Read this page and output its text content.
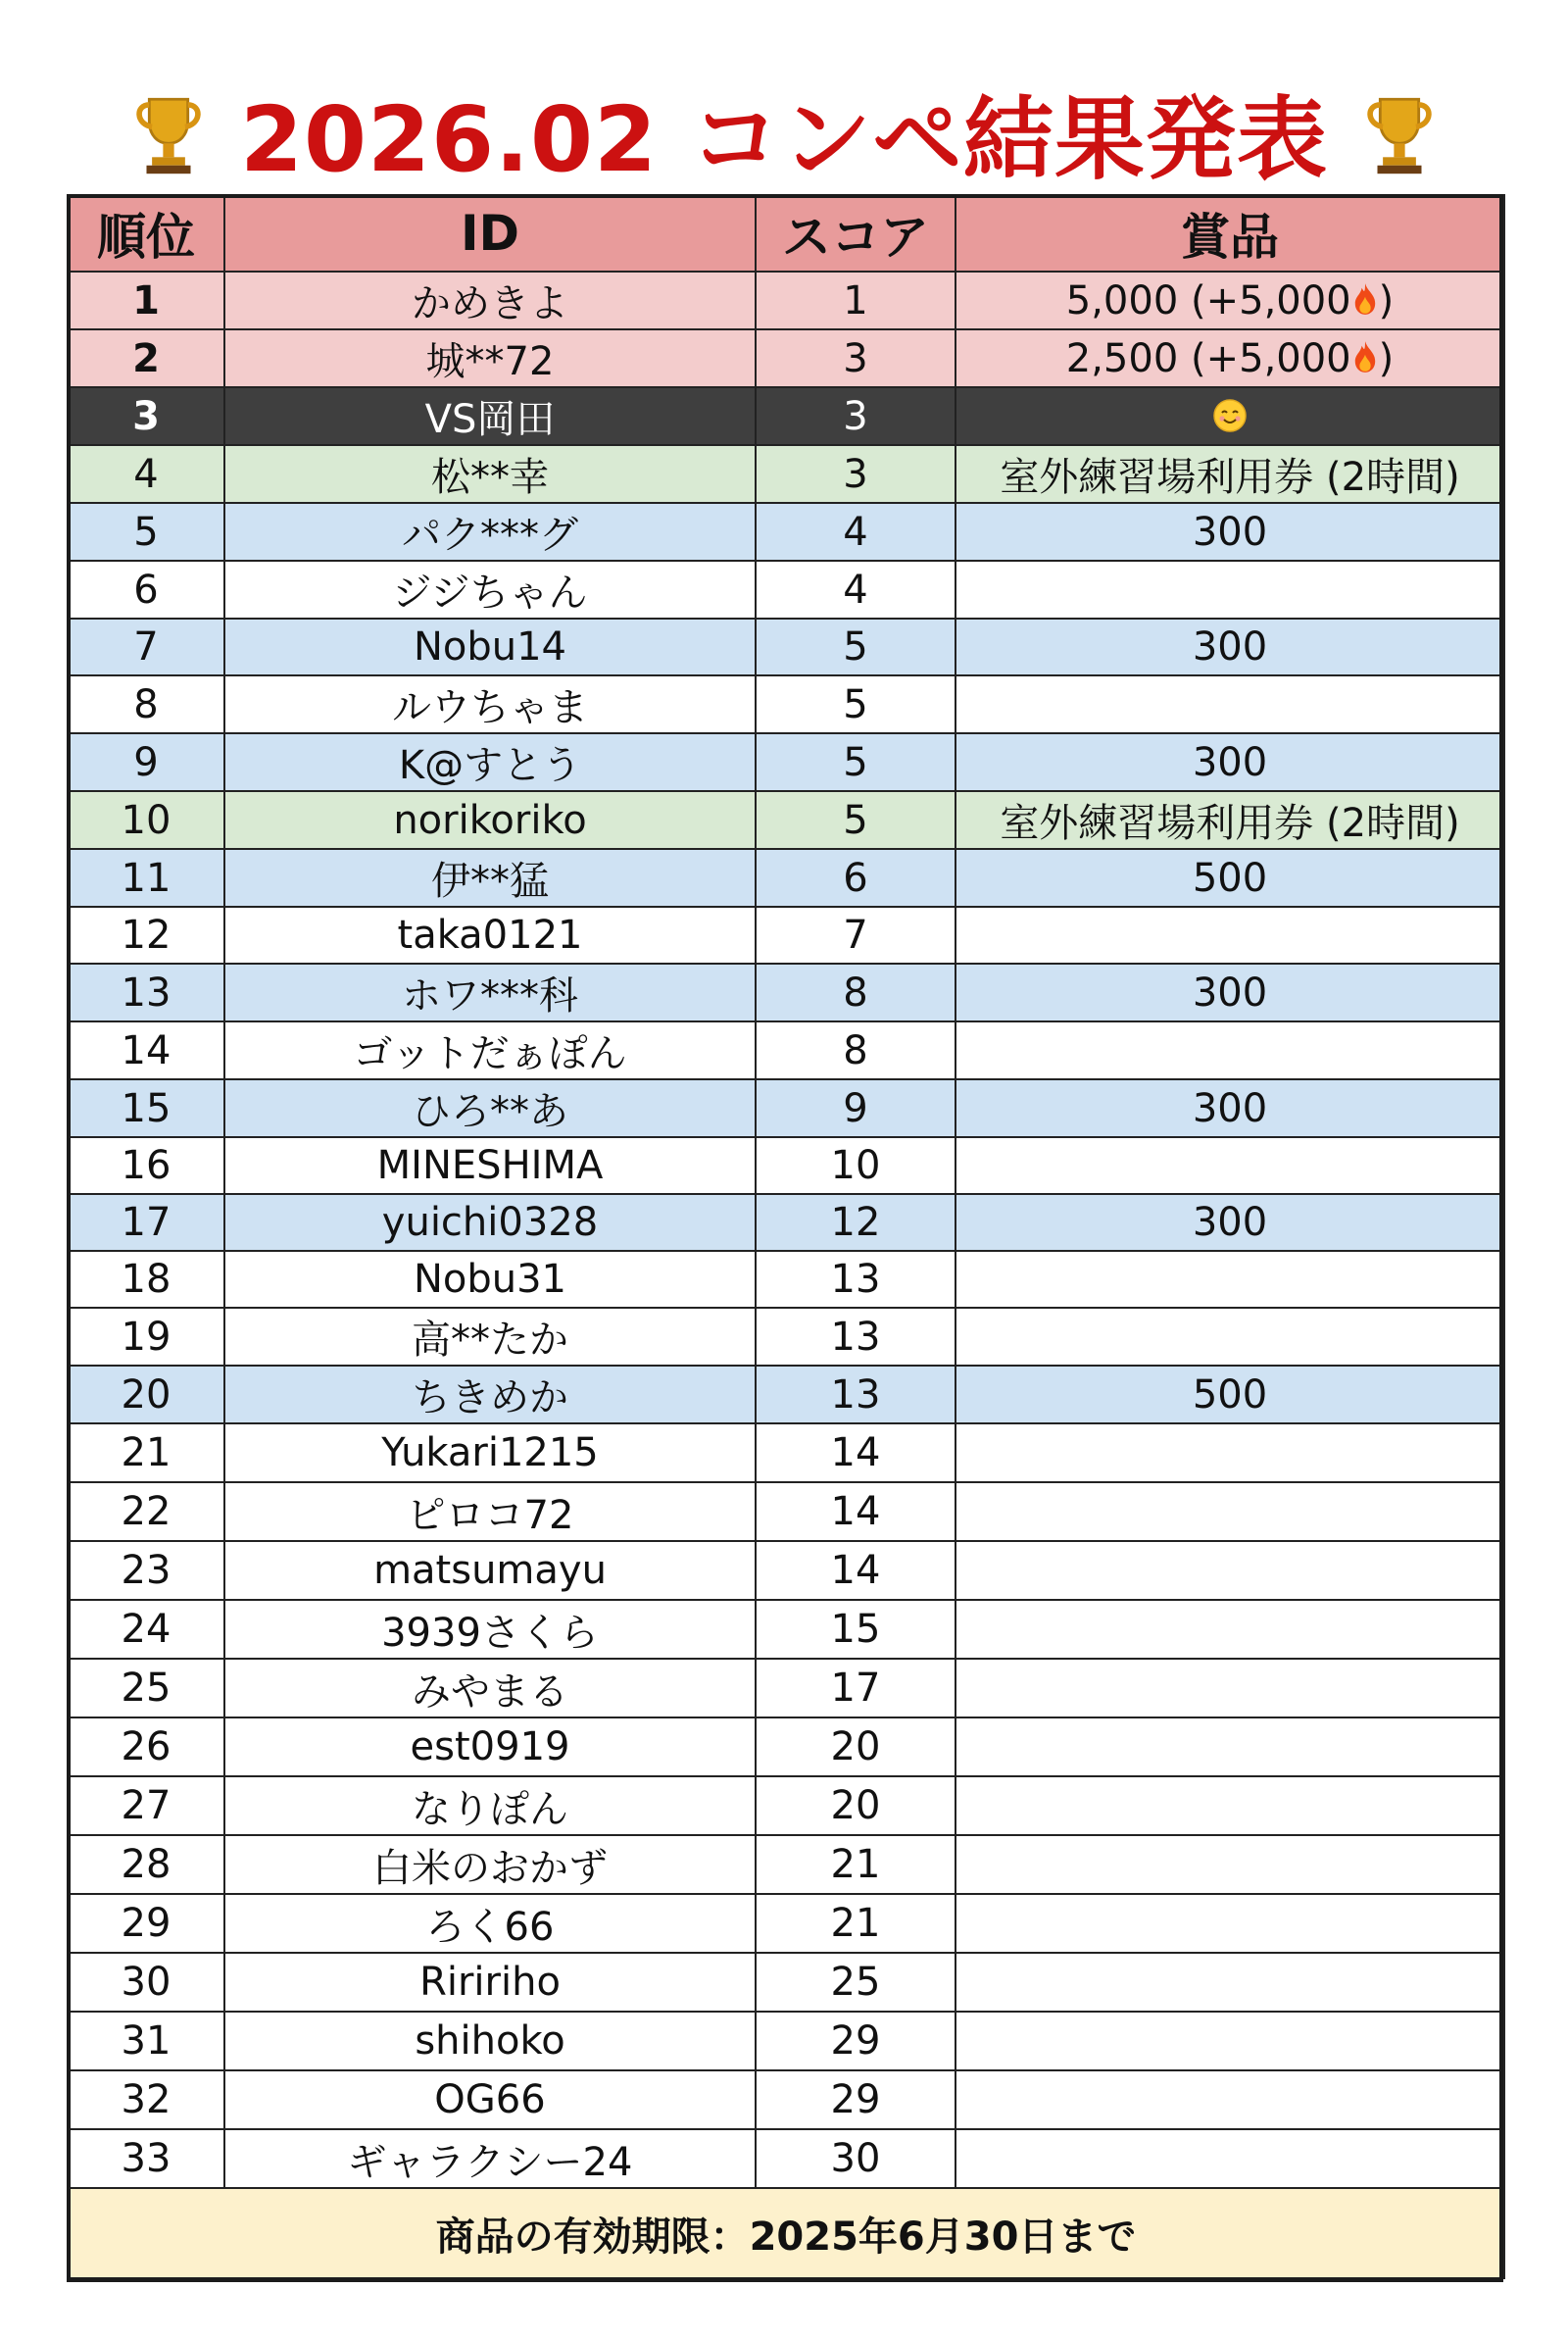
2026.02 コンペ結果発表
順位	ID	スコア	賞品
1	かめきよ	1	5,000 (+5,000 )
2	城**72	3	2,500 (+5,000 )
3	VS岡田	3	
4	松**幸	3	室外練習場利用券 (2時間)
5	パク***グ	4	300
6	ジジちゃん	4	
7	Nobu14	5	300
8	ルウちゃま	5	
9	K@すとう	5	300
10	norikoriko	5	室外練習場利用券 (2時間)
11	伊**猛	6	500
12	taka0121	7	
13	ホワ***科	8	300
14	ゴットだぁぽん	8	
15	ひろ**あ	9	300
16	MINESHIMA	10	
17	yuichi0328	12	300
18	Nobu31	13	
19	高**たか	13	
20	ちきめか	13	500
21	Yukari1215	14	
22	ピロコ72	14	
23	matsumayu	14	
24	3939さくら	15	
25	みやまる	17	
26	est0919	20	
27	なりぽん	20	
28	白米のおかず	21	
29	ろく66	21	
30	Riririho	25	
31	shihoko	29	
32	OG66	29	
33	ギャラクシー24	30	
商品の有効期限：2025年6月30日まで			
